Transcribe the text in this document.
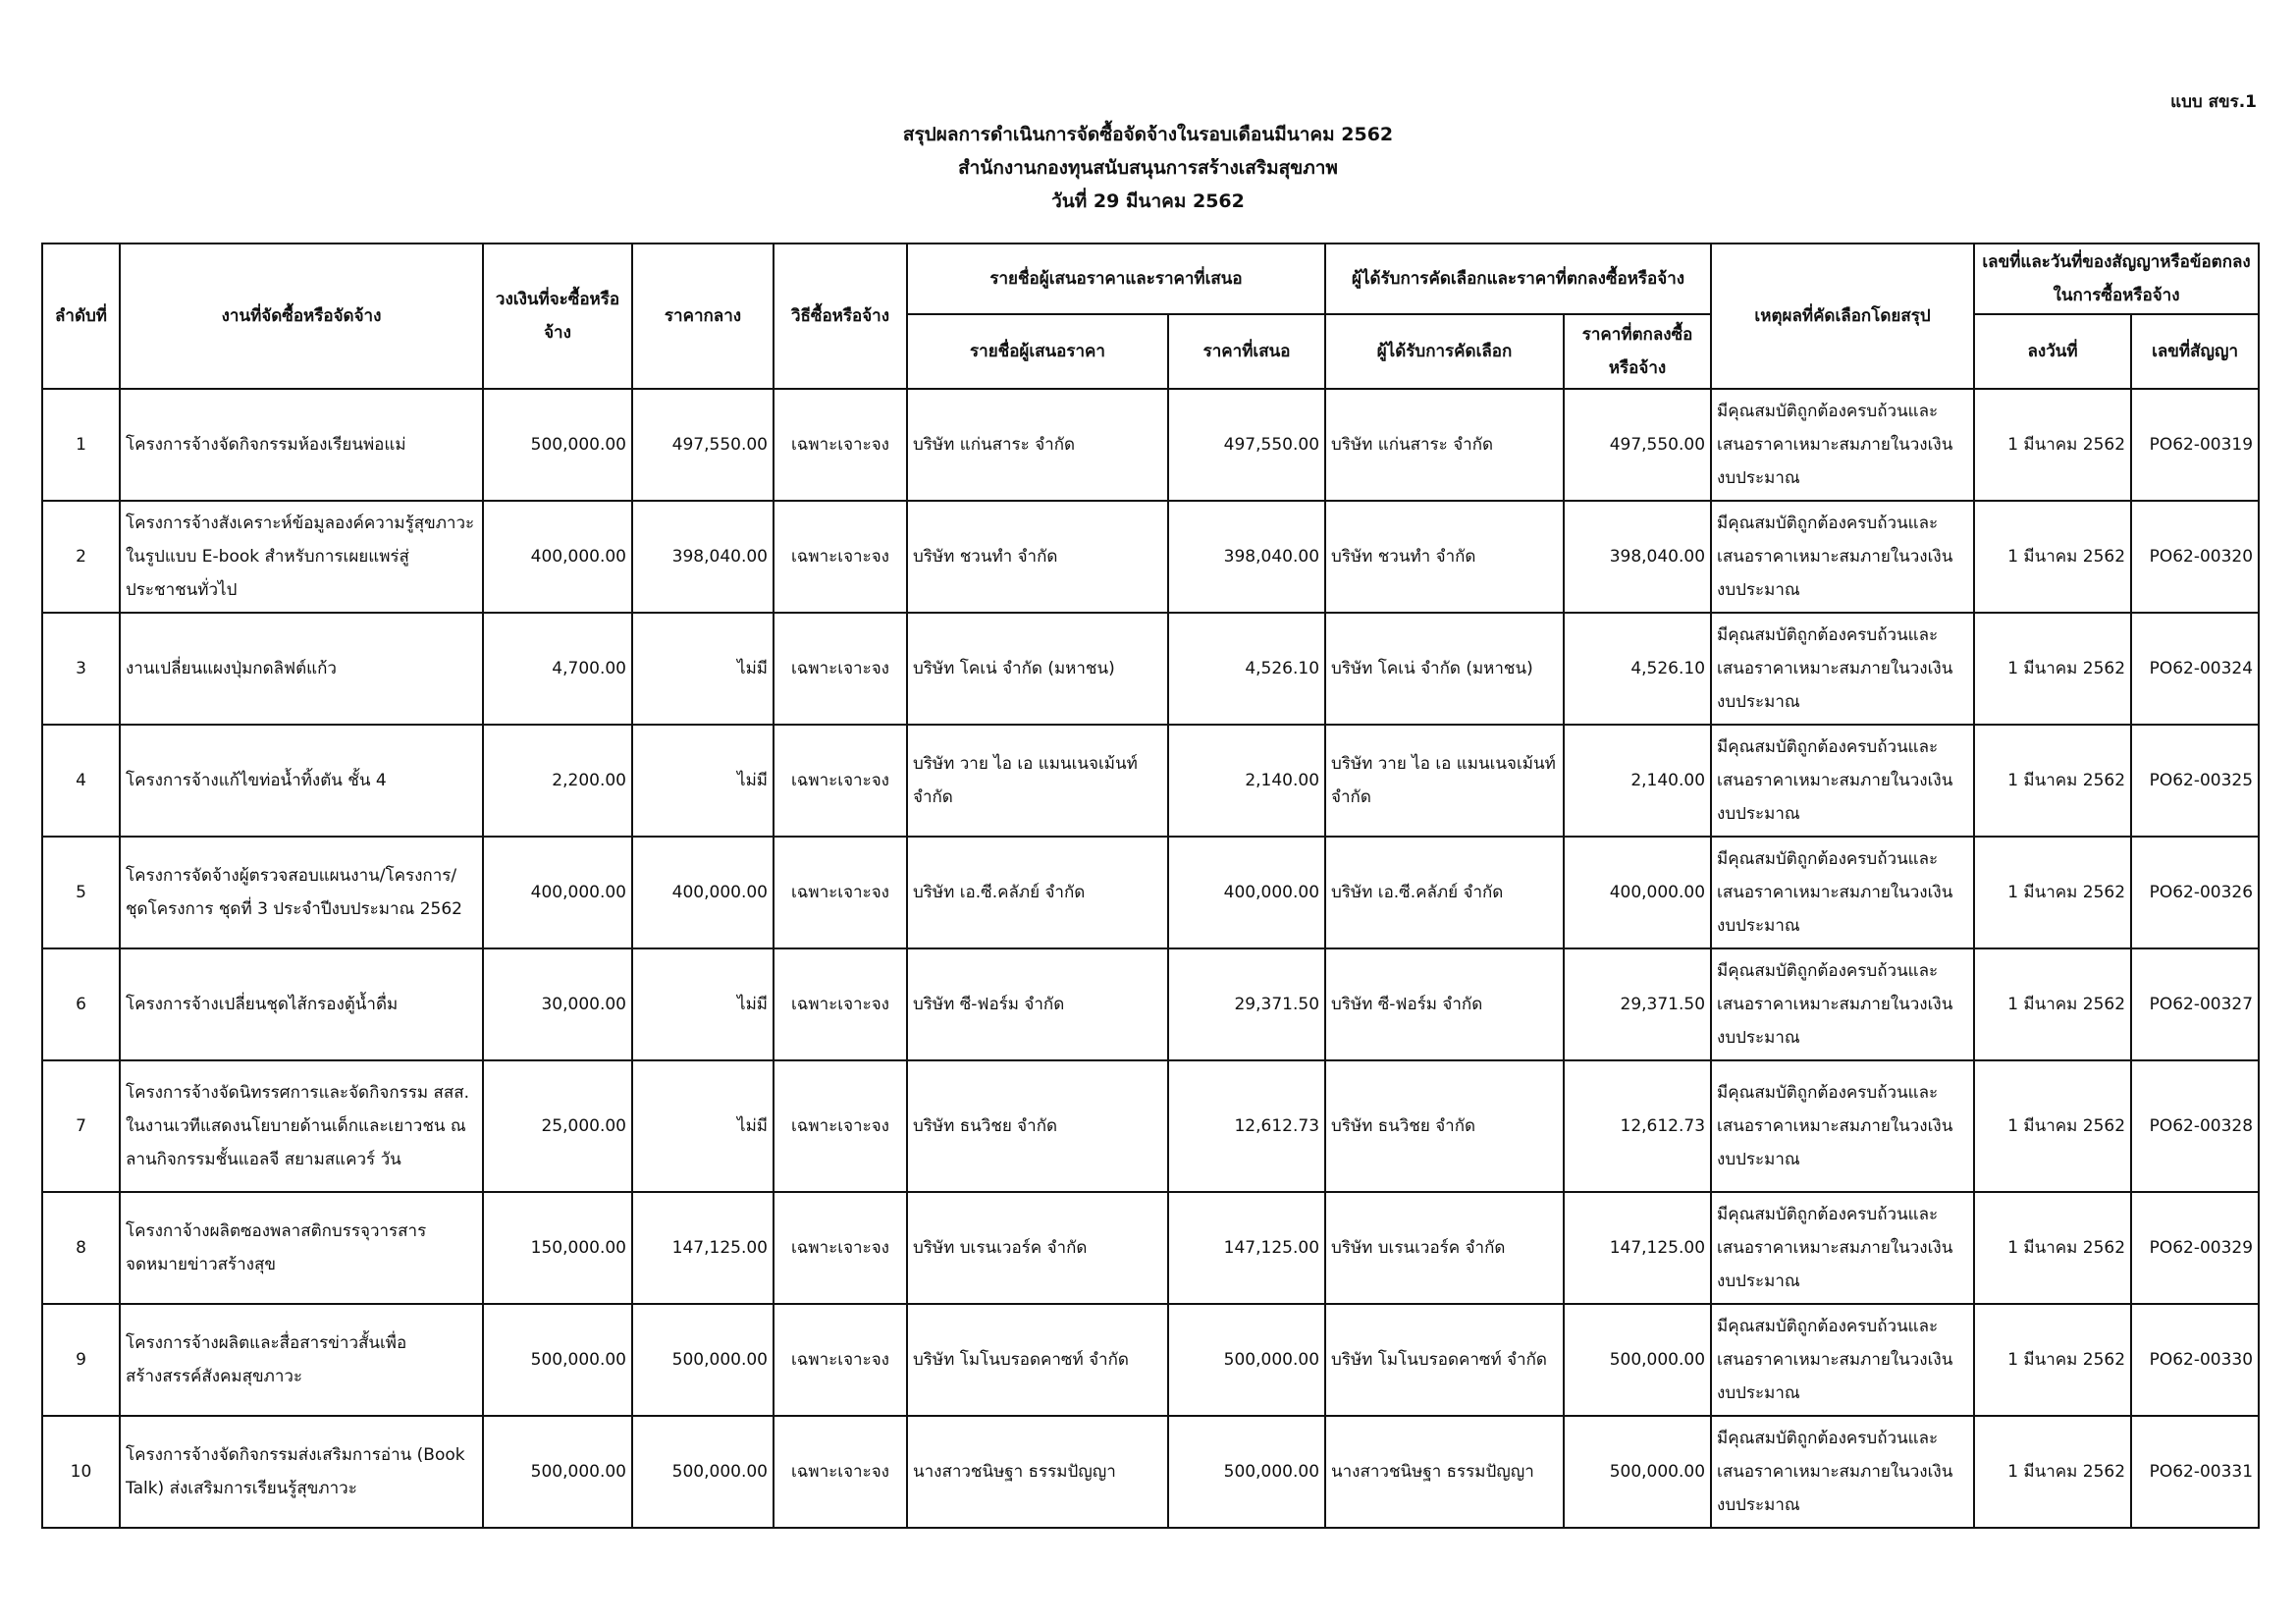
แบบ สขร.1
สรุปผลการดำเนินการจัดซื้อจัดจ้างในรอบเดือนมีนาคม 2562
สำนักงานกองทุนสนับสนุนการสร้างเสริมสุขภาพ
วันที่ 29 มีนาคม 2562
ลำดับที่	งานที่จัดซื้อหรือจัดจ้าง	วงเงินที่จะซื้อหรือจ้าง	ราคากลาง	วิธีซื้อหรือจ้าง	รายชื่อผู้เสนอราคาและราคาที่เสนอ		ผู้ได้รับการคัดเลือกและราคาที่ตกลงซื้อหรือจ้าง		เหตุผลที่คัดเลือกโดยสรุป	เลขที่และวันที่ของสัญญาหรือข้อตกลงในการซื้อหรือจ้าง	
					รายชื่อผู้เสนอราคา	ราคาที่เสนอ	ผู้ได้รับการคัดเลือก	ราคาที่ตกลงซื้อหรือจ้าง		ลงวันที่	เลขที่สัญญา
1	โครงการจ้างจัดกิจกรรมห้องเรียนพ่อแม่	500,000.00	497,550.00	เฉพาะเจาะจง	บริษัท แก่นสาระ จำกัด	497,550.00	บริษัท แก่นสาระ จำกัด	497,550.00	มีคุณสมบัติถูกต้องครบถ้วนและเสนอราคาเหมาะสมภายในวงเงินงบประมาณ	1 มีนาคม 2562	PO62-00319
2	โครงการจ้างสังเคราะห์ข้อมูลองค์ความรู้สุขภาวะในรูปแบบ E-book สำหรับการเผยแพร่สู่ประชาชนทั่วไป	400,000.00	398,040.00	เฉพาะเจาะจง	บริษัท ชวนทำ จำกัด	398,040.00	บริษัท ชวนทำ จำกัด	398,040.00	มีคุณสมบัติถูกต้องครบถ้วนและเสนอราคาเหมาะสมภายในวงเงินงบประมาณ	1 มีนาคม 2562	PO62-00320
3	งานเปลี่ยนแผงปุ่มกดลิฟต์แก้ว	4,700.00	ไม่มี	เฉพาะเจาะจง	บริษัท โคเน่ จำกัด (มหาชน)	4,526.10	บริษัท โคเน่ จำกัด (มหาชน)	4,526.10	มีคุณสมบัติถูกต้องครบถ้วนและเสนอราคาเหมาะสมภายในวงเงินงบประมาณ	1 มีนาคม 2562	PO62-00324
4	โครงการจ้างแก้ไขท่อน้ำทิ้งตัน ชั้น 4	2,200.00	ไม่มี	เฉพาะเจาะจง	บริษัท วาย ไอ เอ แมนเนจเม้นท์ จำกัด	2,140.00	บริษัท วาย ไอ เอ แมนเนจเม้นท์ จำกัด	2,140.00	มีคุณสมบัติถูกต้องครบถ้วนและเสนอราคาเหมาะสมภายในวงเงินงบประมาณ	1 มีนาคม 2562	PO62-00325
5	โครงการจัดจ้างผู้ตรวจสอบแผนงาน/โครงการ/ชุดโครงการ ชุดที่ 3 ประจำปีงบประมาณ 2562	400,000.00	400,000.00	เฉพาะเจาะจง	บริษัท เอ.ซี.คลัภย์ จำกัด	400,000.00	บริษัท เอ.ซี.คลัภย์ จำกัด	400,000.00	มีคุณสมบัติถูกต้องครบถ้วนและเสนอราคาเหมาะสมภายในวงเงินงบประมาณ	1 มีนาคม 2562	PO62-00326
6	โครงการจ้างเปลี่ยนชุดไส้กรองตู้น้ำดื่ม	30,000.00	ไม่มี	เฉพาะเจาะจง	บริษัท ซี-ฟอร์ม จำกัด	29,371.50	บริษัท ซี-ฟอร์ม จำกัด	29,371.50	มีคุณสมบัติถูกต้องครบถ้วนและเสนอราคาเหมาะสมภายในวงเงินงบประมาณ	1 มีนาคม 2562	PO62-00327
7	โครงการจ้างจัดนิทรรศการและจัดกิจกรรม สสส. ในงานเวทีแสดงนโยบายด้านเด็กและเยาวชน ณ ลานกิจกรรมชั้นแอลจี สยามสแควร์ วัน	25,000.00	ไม่มี	เฉพาะเจาะจง	บริษัท ธนวิชย จำกัด	12,612.73	บริษัท ธนวิชย จำกัด	12,612.73	มีคุณสมบัติถูกต้องครบถ้วนและเสนอราคาเหมาะสมภายในวงเงินงบประมาณ	1 มีนาคม 2562	PO62-00328
8	โครงกาจ้างผลิตซองพลาสติกบรรจุวารสารจดหมายข่าวสร้างสุข	150,000.00	147,125.00	เฉพาะเจาะจง	บริษัท บเรนเวอร์ค จำกัด	147,125.00	บริษัท บเรนเวอร์ค จำกัด	147,125.00	มีคุณสมบัติถูกต้องครบถ้วนและเสนอราคาเหมาะสมภายในวงเงินงบประมาณ	1 มีนาคม 2562	PO62-00329
9	โครงการจ้างผลิตและสื่อสารข่าวสั้นเพื่อสร้างสรรค์สังคมสุขภาวะ	500,000.00	500,000.00	เฉพาะเจาะจง	บริษัท โมโนบรอดคาซท์ จำกัด	500,000.00	บริษัท โมโนบรอดคาซท์ จำกัด	500,000.00	มีคุณสมบัติถูกต้องครบถ้วนและเสนอราคาเหมาะสมภายในวงเงินงบประมาณ	1 มีนาคม 2562	PO62-00330
10	โครงการจ้างจัดกิจกรรมส่งเสริมการอ่าน (Book Talk) ส่งเสริมการเรียนรู้สุขภาวะ	500,000.00	500,000.00	เฉพาะเจาะจง	นางสาวชนิษฐา ธรรมปัญญา	500,000.00	นางสาวชนิษฐา ธรรมปัญญา	500,000.00	มีคุณสมบัติถูกต้องครบถ้วนและเสนอราคาเหมาะสมภายในวงเงินงบประมาณ	1 มีนาคม 2562	PO62-00331
